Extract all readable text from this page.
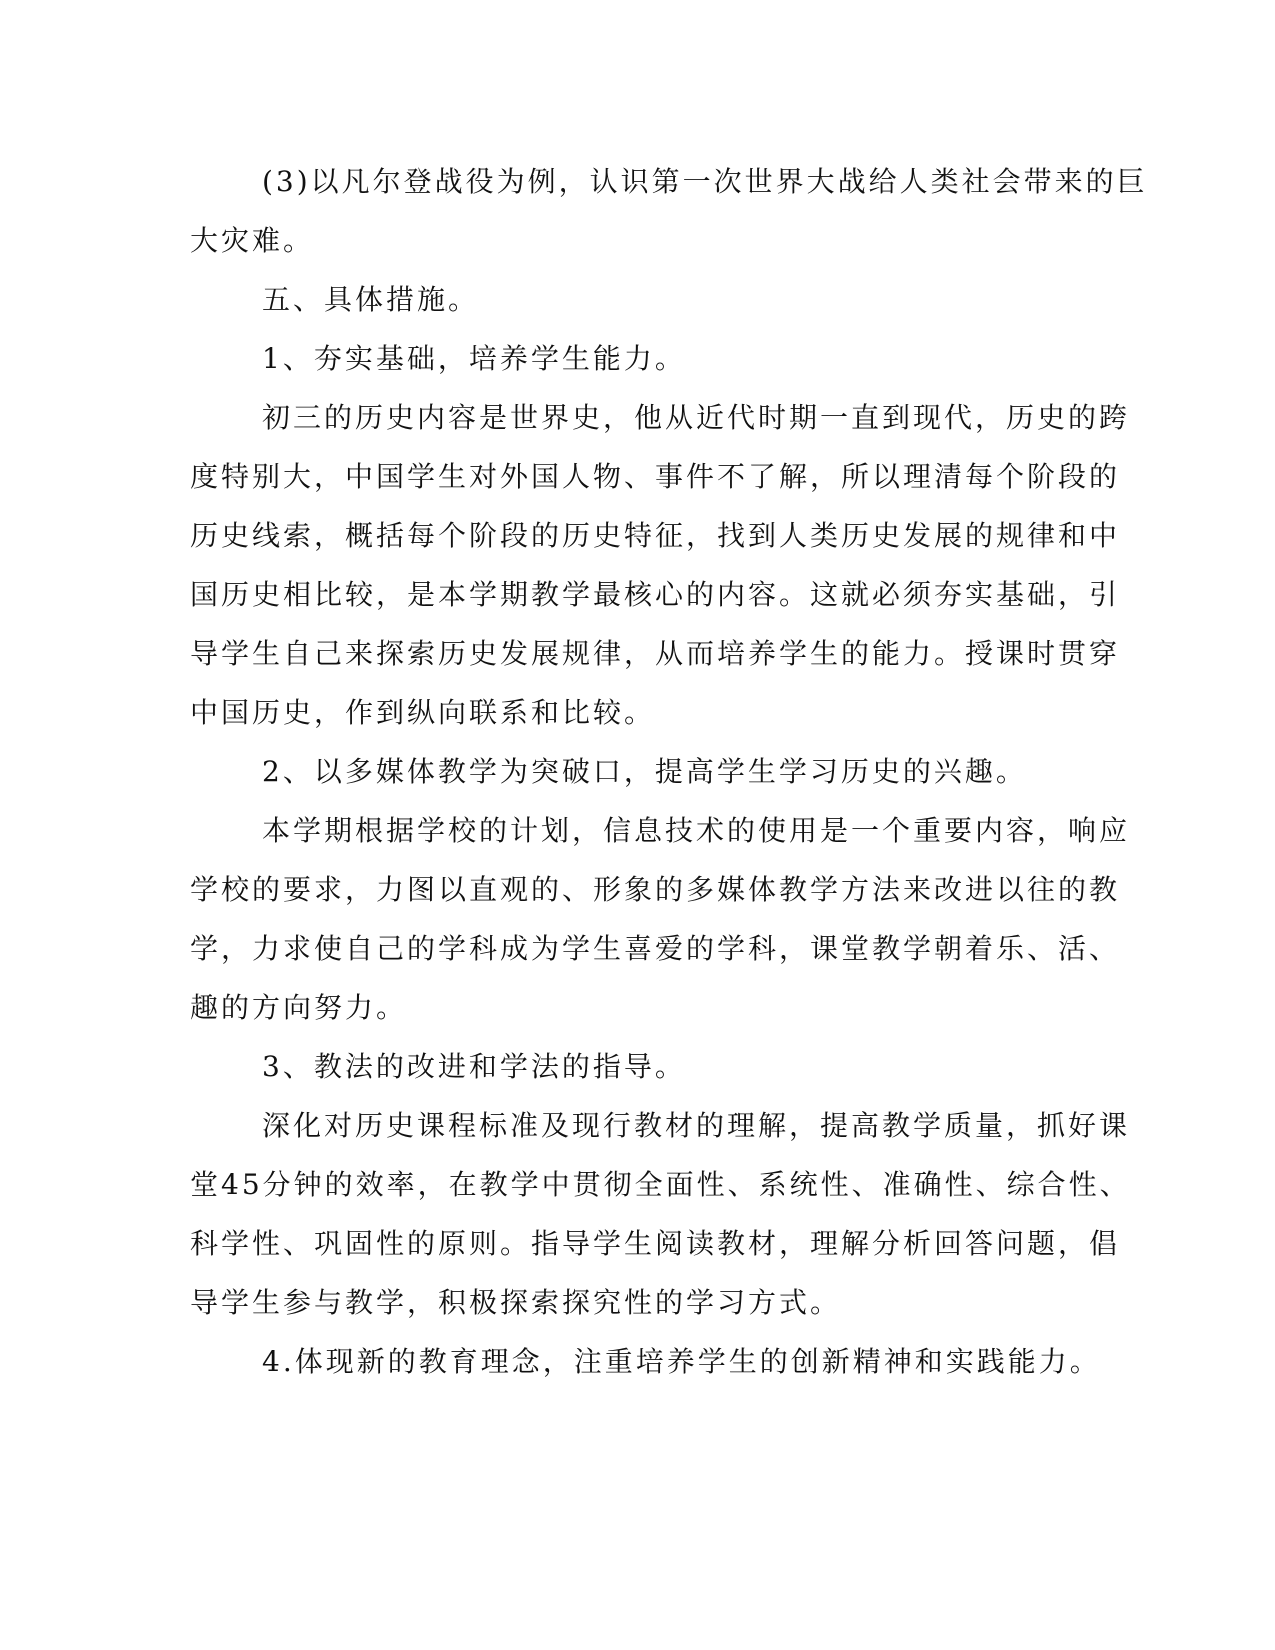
(3)以凡尔登战役为例，认识第一次世界大战给人类社会带来的巨

大灾难。

五、具体措施。

1、夯实基础，培养学生能力。

初三的历史内容是世界史，他从近代时期一直到现代，历史的跨

度特别大，中国学生对外国人物、事件不了解，所以理清每个阶段的

历史线索，概括每个阶段的历史特征，找到人类历史发展的规律和中

国历史相比较，是本学期教学最核心的内容。这就必须夯实基础，引

导学生自己来探索历史发展规律，从而培养学生的能力。授课时贯穿

中国历史，作到纵向联系和比较。

2、以多媒体教学为突破口，提高学生学习历史的兴趣。

本学期根据学校的计划，信息技术的使用是一个重要内容，响应

学校的要求，力图以直观的、形象的多媒体教学方法来改进以往的教

学，力求使自己的学科成为学生喜爱的学科，课堂教学朝着乐、活、

趣的方向努力。

3、教法的改进和学法的指导。

深化对历史课程标准及现行教材的理解，提高教学质量，抓好课

堂45分钟的效率，在教学中贯彻全面性、系统性、准确性、综合性、

科学性、巩固性的原则。指导学生阅读教材，理解分析回答问题，倡

导学生参与教学，积极探索探究性的学习方式。

4.体现新的教育理念，注重培养学生的创新精神和实践能力。
